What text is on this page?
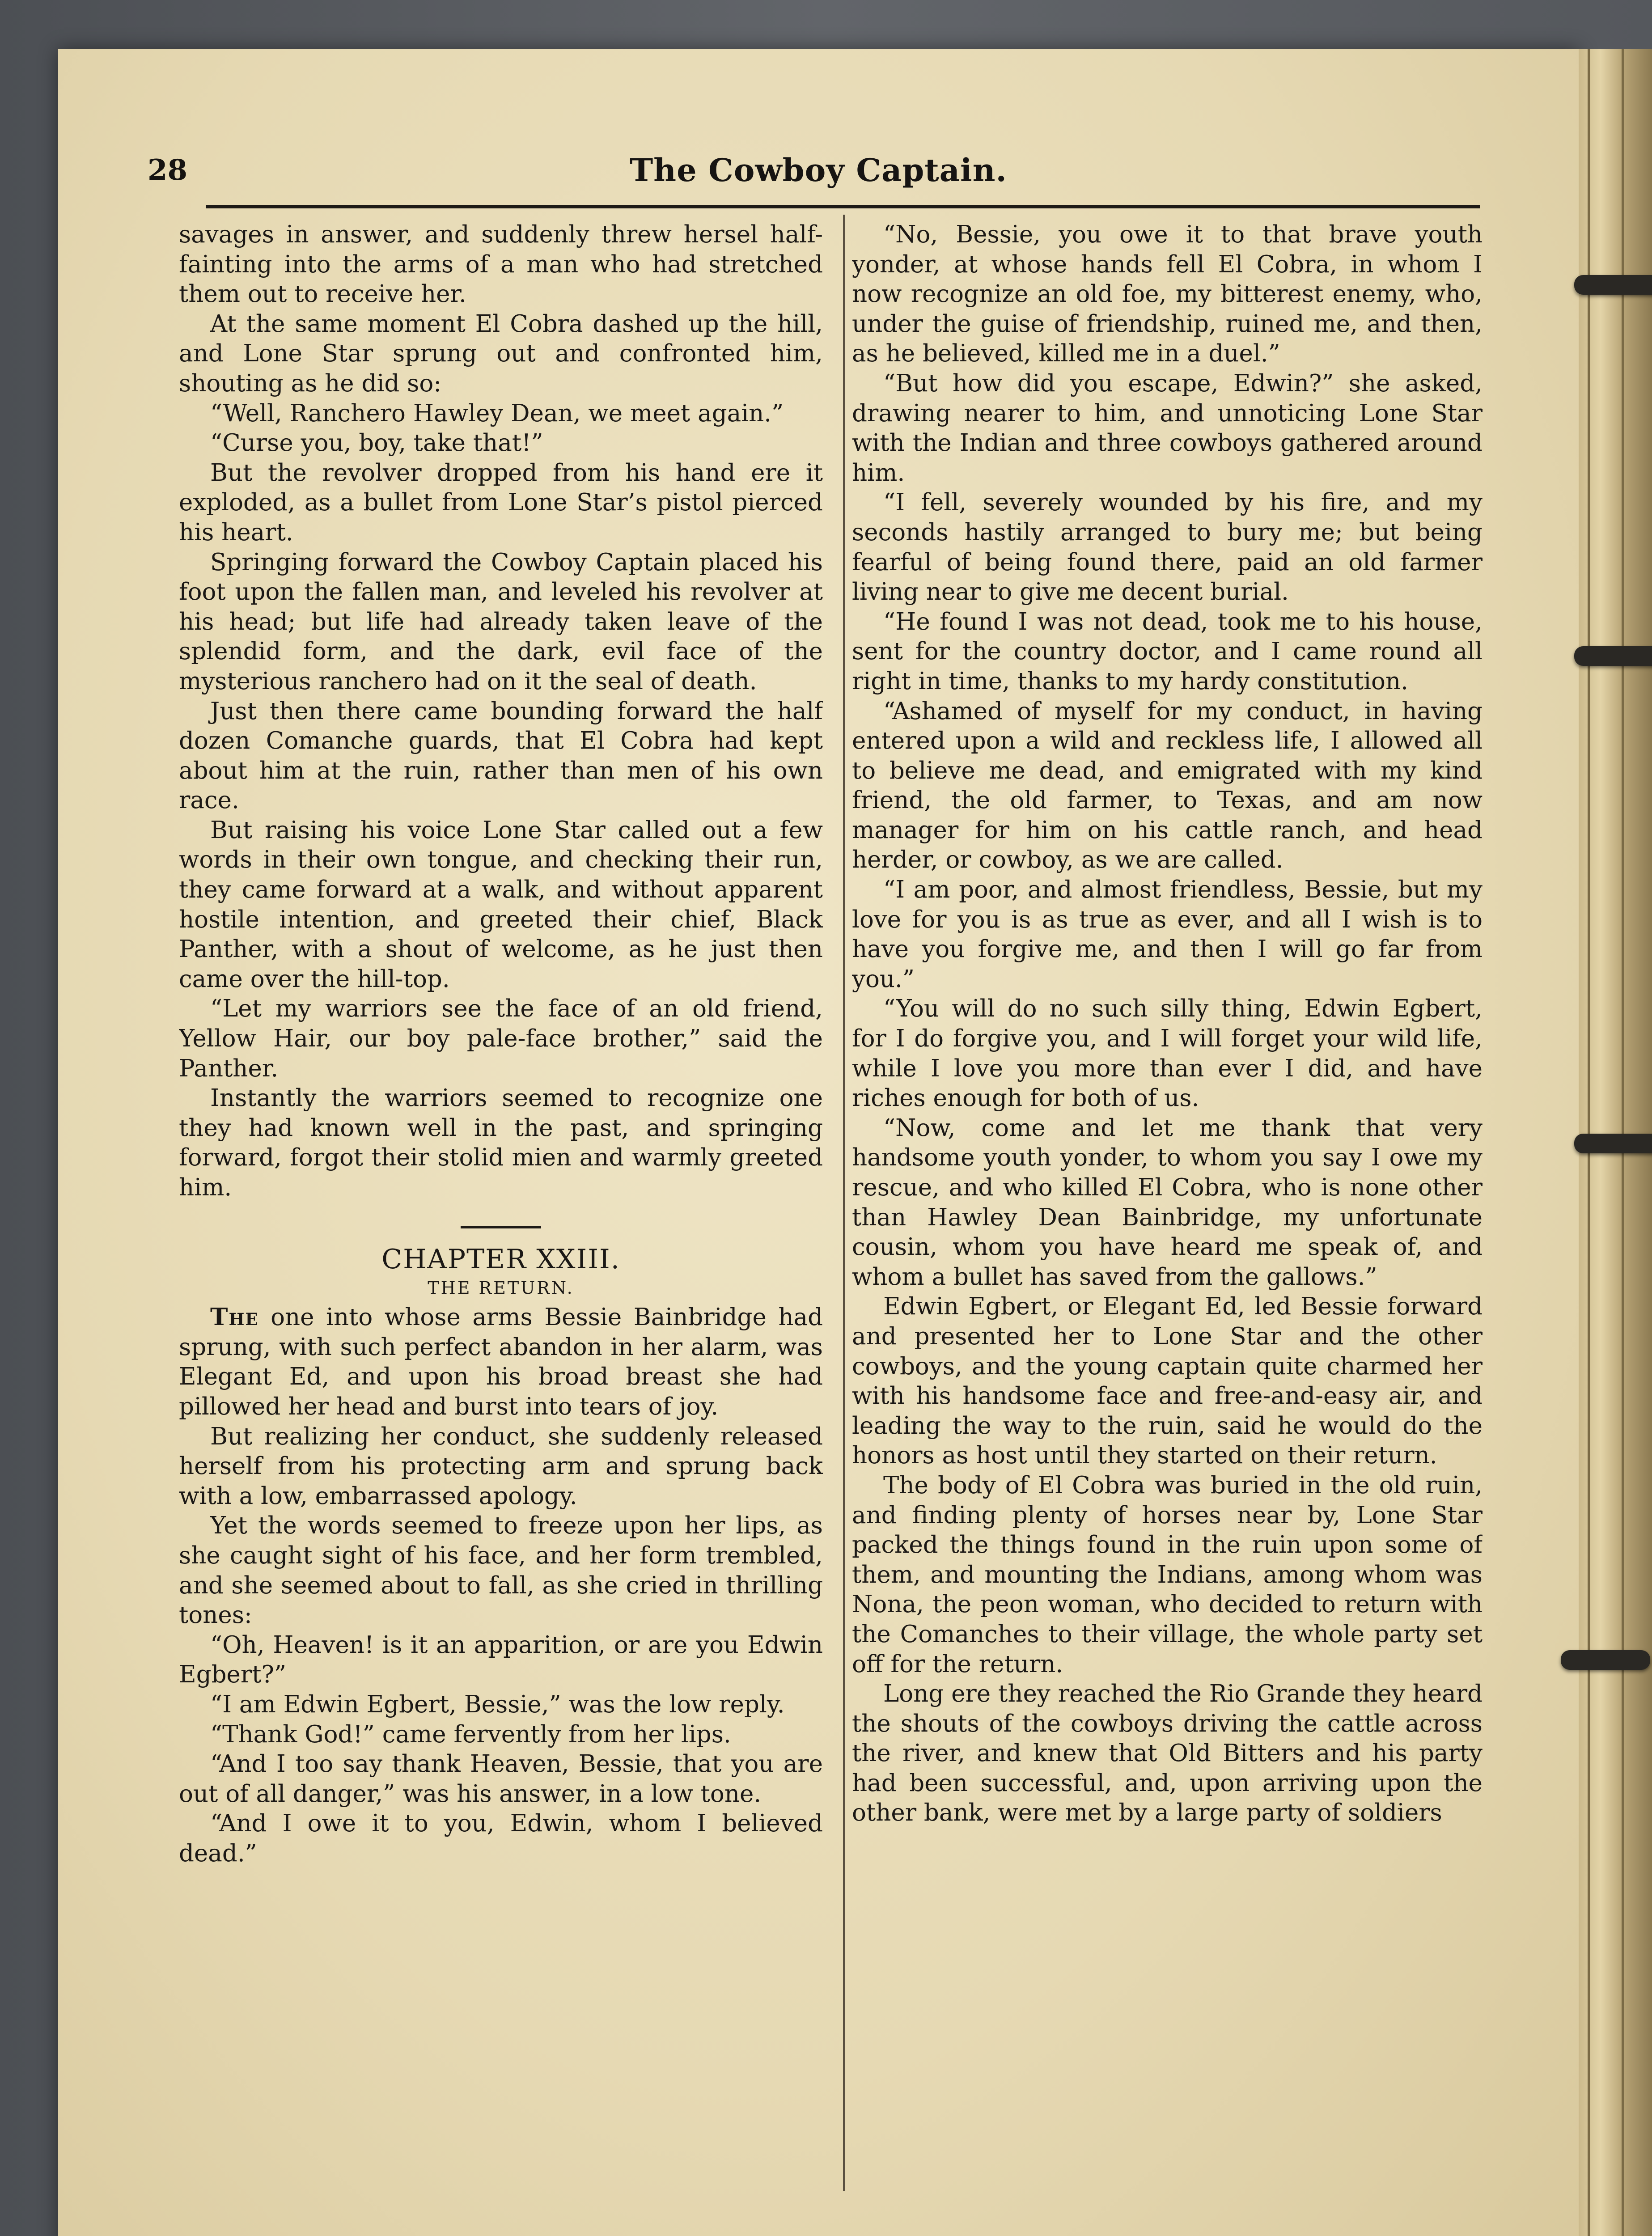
28	The Cowboy Captain.

savages in answer, and suddenly threw hersel half-fainting into the arms of a man who had stretched them out to receive her.

At the same moment El Cobra dashed up the hill, and Lone Star sprung out and confronted him, shouting as he did so:

“Well, Ranchero Hawley Dean, we meet again.”

“Curse you, boy, take that!”

But the revolver dropped from his hand ere it exploded, as a bullet from Lone Star’s pistol pierced his heart.

Springing forward the Cowboy Captain placed his foot upon the fallen man, and leveled his revolver at his head; but life had already taken leave of the splendid form, and the dark, evil face of the mysterious ranchero had on it the seal of death.

Just then there came bounding forward the half dozen Comanche guards, that El Cobra had kept about him at the ruin, rather than men of his own race.

But raising his voice Lone Star called out a few words in their own tongue, and checking their run, they came forward at a walk, and without apparent hostile intention, and greeted their chief, Black Panther, with a shout of welcome, as he just then came over the hill-top.

“Let my warriors see the face of an old friend, Yellow Hair, our boy pale-face brother,” said the Panther.

Instantly the warriors seemed to recognize one they had known well in the past, and springing forward, forgot their stolid mien and warmly greeted him.

CHAPTER XXIII.
THE RETURN.

The one into whose arms Bessie Bainbridge had sprung, with such perfect abandon in her alarm, was Elegant Ed, and upon his broad breast she had pillowed her head and burst into tears of joy.

But realizing her conduct, she suddenly released herself from his protecting arm and sprung back with a low, embarrassed apology.

Yet the words seemed to freeze upon her lips, as she caught sight of his face, and her form trembled, and she seemed about to fall, as she cried in thrilling tones:

“Oh, Heaven! is it an apparition, or are you Edwin Egbert?”

“I am Edwin Egbert, Bessie,” was the low reply.

“Thank God!” came fervently from her lips.

“And I too say thank Heaven, Bessie, that you are out of all danger,” was his answer, in a low tone.

“And I owe it to you, Edwin, whom I believed dead.”

“No, Bessie, you owe it to that brave youth yonder, at whose hands fell El Cobra, in whom I now recognize an old foe, my bitterest enemy, who, under the guise of friendship, ruined me, and then, as he believed, killed me in a duel.”

“But how did you escape, Edwin?” she asked, drawing nearer to him, and unnoticing Lone Star with the Indian and three cowboys gathered around him.

“I fell, severely wounded by his fire, and my seconds hastily arranged to bury me; but being fearful of being found there, paid an old farmer living near to give me decent burial.

“He found I was not dead, took me to his house, sent for the country doctor, and I came round all right in time, thanks to my hardy constitution.

“Ashamed of myself for my conduct, in having entered upon a wild and reckless life, I allowed all to believe me dead, and emigrated with my kind friend, the old farmer, to Texas, and am now manager for him on his cattle ranch, and head herder, or cowboy, as we are called.

“I am poor, and almost friendless, Bessie, but my love for you is as true as ever, and all I wish is to have you forgive me, and then I will go far from you.”

“You will do no such silly thing, Edwin Egbert, for I do forgive you, and I will forget your wild life, while I love you more than ever I did, and have riches enough for both of us.

“Now, come and let me thank that very handsome youth yonder, to whom you say I owe my rescue, and who killed El Cobra, who is none other than Hawley Dean Bainbridge, my unfortunate cousin, whom you have heard me speak of, and whom a bullet has saved from the gallows.”

Edwin Egbert, or Elegant Ed, led Bessie forward and presented her to Lone Star and the other cowboys, and the young captain quite charmed her with his handsome face and free-and-easy air, and leading the way to the ruin, said he would do the honors as host until they started on their return.

The body of El Cobra was buried in the old ruin, and finding plenty of horses near by, Lone Star packed the things found in the ruin upon some of them, and mounting the Indians, among whom was Nona, the peon woman, who decided to return with the Comanches to their village, the whole party set off for the return.

Long ere they reached the Rio Grande they heard the shouts of the cowboys driving the cattle across the river, and knew that Old Bitters and his party had been successful, and, upon arriving upon the other bank, were met by a large party of soldiers
